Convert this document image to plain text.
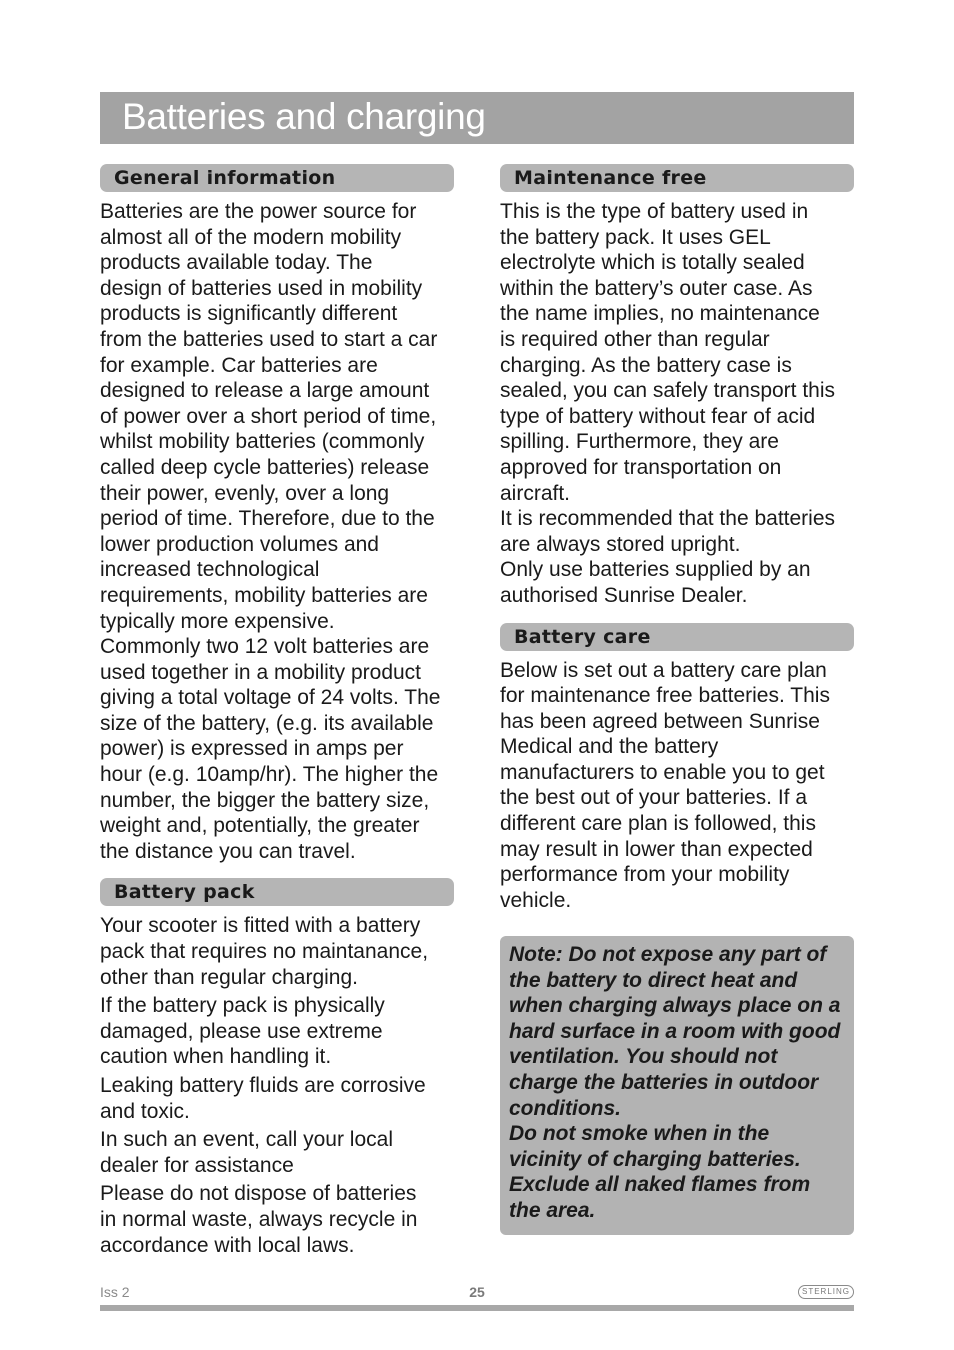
Batteries and charging
General information
Batteries are the power source for
almost all of the modern mobility
products available today. The
design of batteries used in mobility
products is significantly different
from the batteries used to start a car
for example. Car batteries are
designed to release a large amount
of power over a short period of time,
whilst mobility batteries (commonly
called deep cycle batteries) release
their power, evenly, over a long
period of time. Therefore, due to the
lower production volumes and
increased technological
requirements, mobility batteries are
typically more expensive.
Commonly two 12 volt batteries are
used together in a mobility product
giving a total voltage of 24 volts. The
size of the battery, (e.g. its available
power) is expressed in amps per
hour (e.g. 10amp/hr). The higher the
number, the bigger the battery size,
weight and, potentially, the greater
the distance you can travel.
Battery pack
Your scooter is fitted with a battery
pack that requires no maintanance,
other than regular charging.
If the battery pack is physically
damaged, please use extreme
caution when handling it.
Leaking battery fluids are corrosive
and toxic.
In such an event, call your local
dealer for assistance
Please do not dispose of batteries
in normal waste, always recycle in
accordance with local laws.
Maintenance free
This is the type of battery used in
the battery pack. It uses GEL
electrolyte which is totally sealed
within the battery’s outer case. As
the name implies, no maintenance
is required other than regular
charging. As the battery case is
sealed, you can safely transport this
type of battery without fear of acid
spilling. Furthermore, they are
approved for transportation on
aircraft.
It is recommended that the batteries
are always stored upright.
Only use batteries supplied by an
authorised Sunrise Dealer.
Battery care
Below is set out a battery care plan
for maintenance free batteries. This
has been agreed between Sunrise
Medical and the battery
manufacturers to enable you to get
the best out of your batteries. If a
different care plan is followed, this
may result in lower than expected
performance from your mobility
vehicle.
Note: Do not expose any part of
the battery to direct heat and
when charging always place on a
hard surface in a room with good
ventilation. You should not
charge the batteries in outdoor
conditions.
Do not smoke when in the
vicinity of charging batteries.
Exclude all naked flames from
the area.
Iss 2	25	STERLING
